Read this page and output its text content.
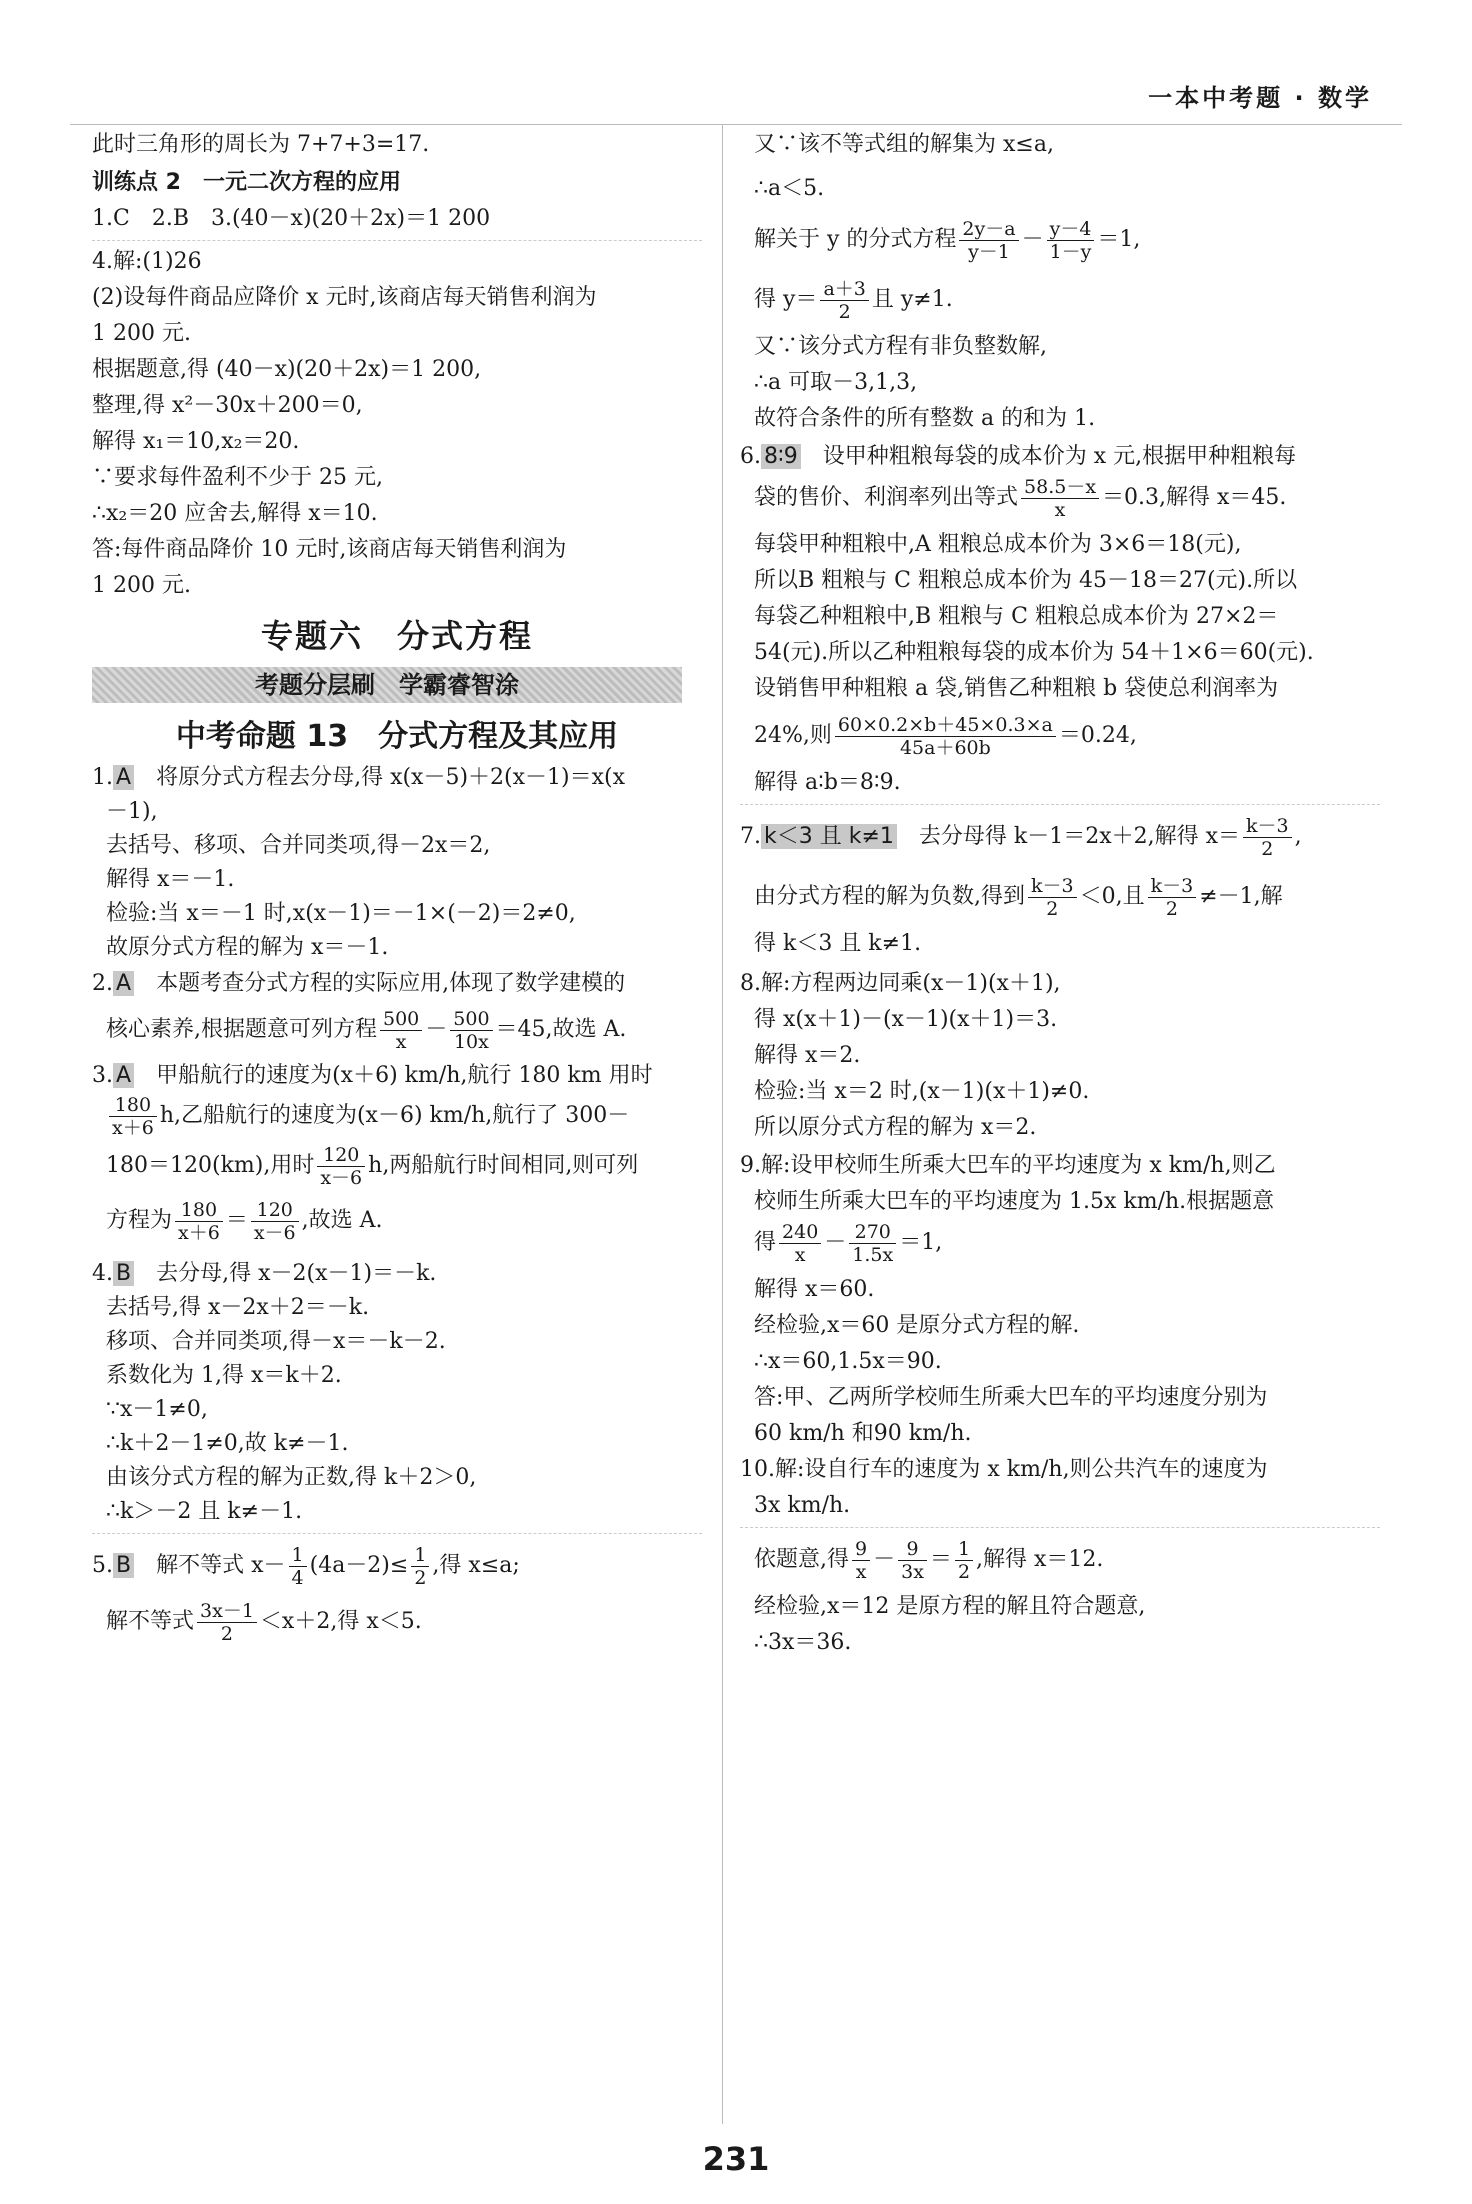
一本中考题 · 数学
此时三角形的周长为 7+7+3=17.
训练点 2　一元二次方程的应用
1.C　2.B　3.(40－x)(20＋2x)＝1 200
4.解:(1)26
(2)设每件商品应降价 x 元时,该商店每天销售利润为
1 200 元.
根据题意,得 (40－x)(20＋2x)＝1 200,
整理,得 x²－30x＋200＝0,
解得 x₁＝10,x₂＝20.
∵要求每件盈利不少于 25 元,
∴x₂＝20 应舍去,解得 x＝10.
答:每件商品降价 10 元时,该商店每天销售利润为
1 200 元.
专题六　分式方程
考题分层刷　学霸睿智涂
中考命题 13　分式方程及其应用
1. A　 将原分式方程去分母,得 x(x－5)＋2(x－1)＝x(x
－1),
去括号、移项、合并同类项,得－2x＝2,
解得 x＝－1.
检验:当 x＝－1 时,x(x－1)＝－1×(－2)＝2≠0,
故原分式方程的解为 x＝－1.
2. A　 本题考查分式方程的实际应用,体现了数学建模的
核心素养,根据题意可列方程 $\frac{500}{x} - \frac{500}{10x} =45$,故选 A.
3. A　 甲船航行的速度为(x＋6) km/h,航行 180 km 用时
$\frac{180}{x+6} h$,乙船航行的速度为(x－6) km/h,航行了 300－
180＝120(km),用时 $\frac{120}{x-6} h$,两船航行时间相同,则可列
方程为 $\frac{180}{x+6} = \frac{120}{x-6}$ ,故选 A.
4. B　 去分母,得 x－2(x－1)＝－k.
去括号,得 x－2x＋2＝－k.
移项、合并同类项,得－x＝－k－2.
系数化为 1,得 x＝k＋2.
∵x－1≠0,
∴k＋2－1≠0,故 k≠－1.
由该分式方程的解为正数,得 k＋2＞0,
∴k＞－2 且 k≠－1.
5. B　 解不等式 $x- \frac{1}{4} (4a-2)\le \frac{1}{2}$ ,得 x≤a;
解不等式 $\frac{3x-1}{2} <x+2$,得 x＜5.
又∵该不等式组的解集为 x≤a,
∴a＜5.
解关于 y 的分式方程 $\frac{2y-a}{y-1} - \frac{y-4}{1-y} =1$,
得 $y= \frac{a+3}{2}$ 且 y≠1.
又∵该分式方程有非负整数解,
∴a 可取－3,1,3,
故符合条件的所有整数 a 的和为 1.
6. 8∶9　 设甲种粗粮每袋的成本价为 x 元,根据甲种粗粮每
袋的售价、利润率列出等式 $\frac{58.5-x}{x} =0.3$,解得 x＝45.
每袋甲种粗粮中,A 粗粮总成本价为 3×6＝18(元),
所以B 粗粮与 C 粗粮总成本价为 45－18＝27(元).所以
每袋乙种粗粮中,B 粗粮与 C 粗粮总成本价为 27×2＝
54(元).所以乙种粗粮每袋的成本价为 54＋1×6＝60(元).
设销售甲种粗粮 a 袋,销售乙种粗粮 b 袋使总利润率为
24%,则 $\frac{60\times 0.2\times b+45\times 0.3\times a}{45a+60b} =0.24$,
解得 a∶b＝8∶9.
7. k＜3 且 k≠1　 去分母得 k－1＝2x＋2,解得 $x= \frac{k-3}{2}$ ,
由分式方程的解为负数,得到 $\frac{k-3}{2} <0$,且 $\frac{k-3}{2} \ne-1$,解
得 k＜3 且 k≠1.
8.解:方程两边同乘(x－1)(x＋1),
得 x(x＋1)－(x－1)(x＋1)＝3.
解得 x＝2.
检验:当 x＝2 时,(x－1)(x＋1)≠0.
所以原分式方程的解为 x＝2.
9.解:设甲校师生所乘大巴车的平均速度为 x km/h,则乙
校师生所乘大巴车的平均速度为 1.5x km/h.根据题意
得 $\frac{240}{x} - \frac{270}{1.5x} =1$,
解得 x＝60.
经检验,x＝60 是原分式方程的解.
∴x＝60,1.5x＝90.
答:甲、乙两所学校师生所乘大巴车的平均速度分别为
60 km/h 和90 km/h.
10.解:设自行车的速度为 x km/h,则公共汽车的速度为
3x km/h.
依题意,得 $\frac{9}{x} - \frac{9}{3x} = \frac{1}{2}$ ,解得 x＝12.
经检验,x＝12 是原方程的解且符合题意,
∴3x＝36.
231
